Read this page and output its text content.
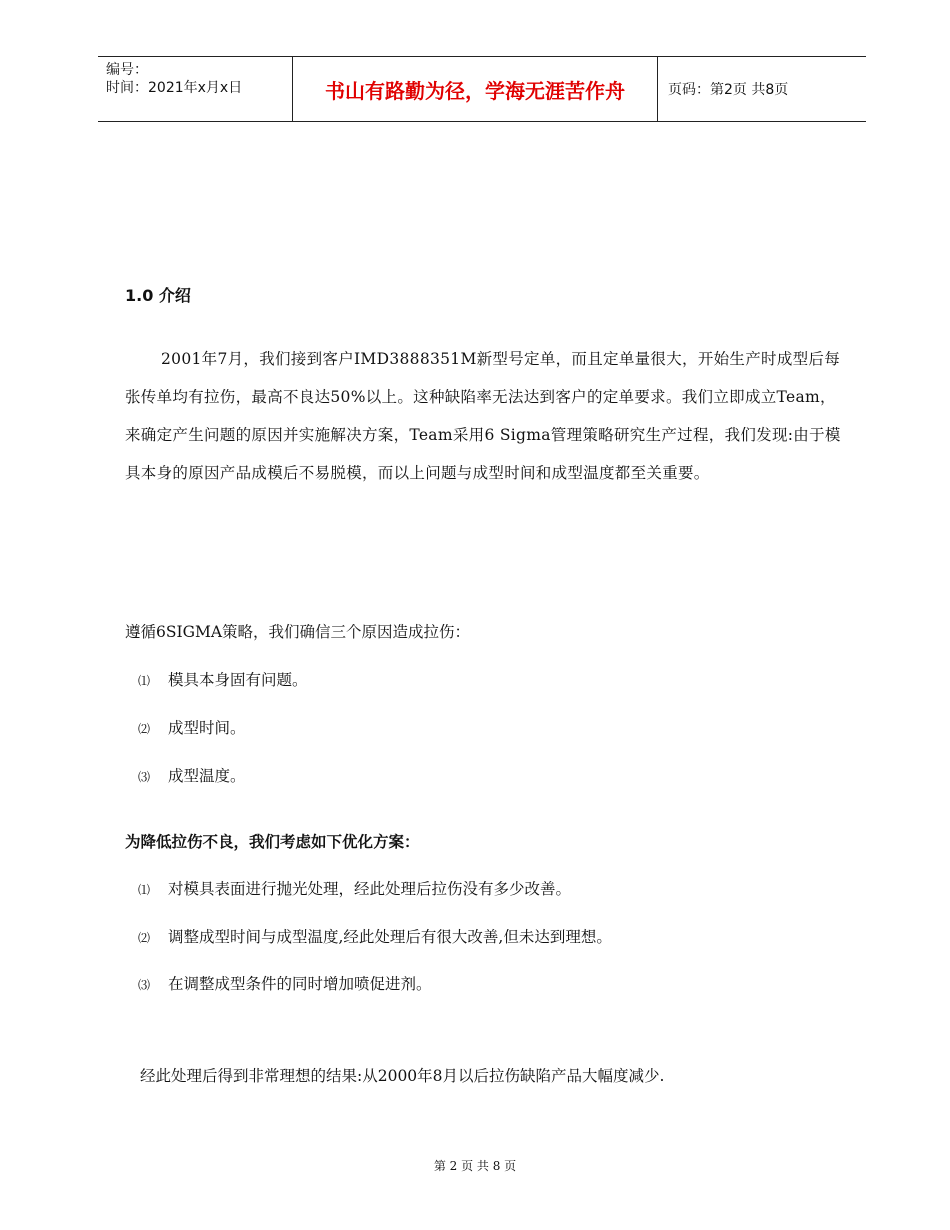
编号：
时间：2021年x月x日	书山有路勤为径，学海无涯苦作舟	页码：第2页 共8页
1.0 介绍
2001年7月，我们接到客户IMD3888351M新型号定单，而且定单量很大，开始生产时成型后每张传单均有拉伤，最高不良达50%以上。这种缺陷率无法达到客户的定单要求。我们立即成立Team，来确定产生问题的原因并实施解决方案，Team采用6 Sigma管理策略研究生产过程，我们发现:由于模具本身的原因产品成模后不易脱模，而以上问题与成型时间和成型温度都至关重要。
遵循6SIGMA策略，我们确信三个原因造成拉伤：
⑴ 模具本身固有问题。
⑵ 成型时间。
⑶ 成型温度。
为降低拉伤不良，我们考虑如下优化方案：
⑴ 对模具表面进行抛光处理，经此处理后拉伤没有多少改善。
⑵ 调整成型时间与成型温度,经此处理后有很大改善,但未达到理想。
⑶ 在调整成型条件的同时增加喷促进剂。
经此处理后得到非常理想的结果:从2000年8月以后拉伤缺陷产品大幅度减少.
第 2 页 共 8 页
